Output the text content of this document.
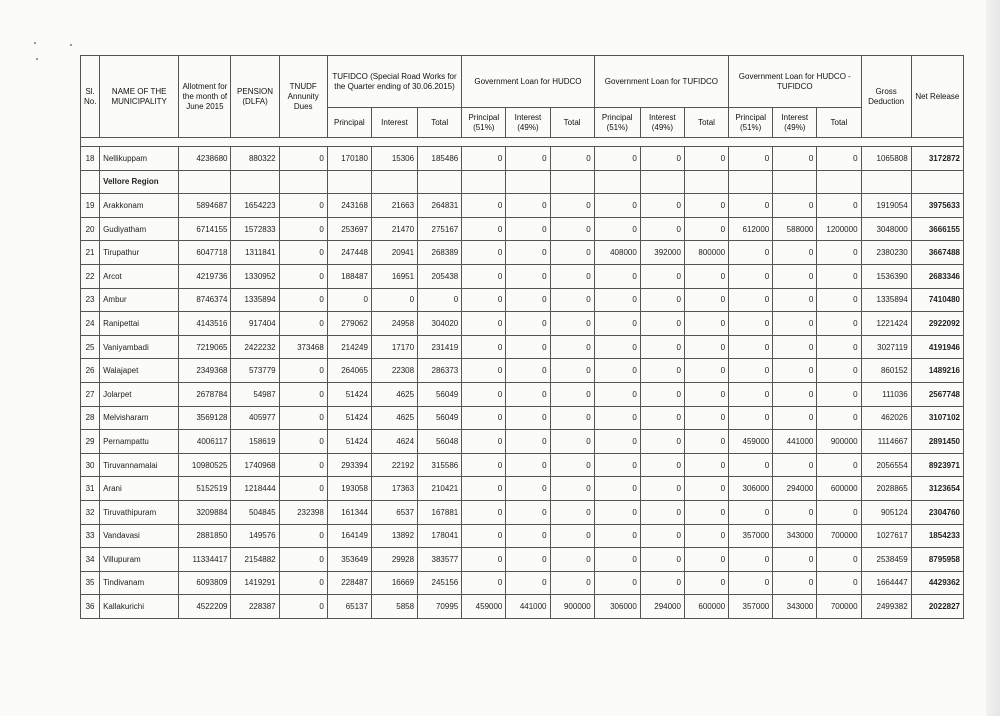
Sl. No.	NAME OF THE MUNICIPALITY	Allotment for the month of June 2015	PENSION (DLFA)	TNUDF Annunity Dues	TUFIDCO (Special Road Works for the Quarter ending of 30.06.2015)			Government Loan for HUDCO			Government Loan for TUFIDCO			Government Loan for HUDCO - TUFIDCO			Gross Deduction	Net Release
					Principal	Interest	Total	Principal (51%)	Interest (49%)	Total	Principal (51%)	Interest (49%)	Total	Principal (51%)	Interest (49%)	Total		

18	Nellikuppam	4238680	880322	0	170180	15306	185486	0	0	0	0	0	0	0	0	0	1065808	3172872
	Vellore Region																	
19	Arakkonam	5894687	1654223	0	243168	21663	264831	0	0	0	0	0	0	0	0	0	1919054	3975633
20	Gudiyatham	6714155	1572833	0	253697	21470	275167	0	0	0	0	0	0	612000	588000	1200000	3048000	3666155
21	Tirupathur	6047718	1311841	0	247448	20941	268389	0	0	0	408000	392000	800000	0	0	0	2380230	3667488
22	Arcot	4219736	1330952	0	188487	16951	205438	0	0	0	0	0	0	0	0	0	1536390	2683346
23	Ambur	8746374	1335894	0	0	0	0	0	0	0	0	0	0	0	0	0	1335894	7410480
24	Ranipettai	4143516	917404	0	279062	24958	304020	0	0	0	0	0	0	0	0	0	1221424	2922092
25	Vaniyambadi	7219065	2422232	373468	214249	17170	231419	0	0	0	0	0	0	0	0	0	3027119	4191946
26	Walajapet	2349368	573779	0	264065	22308	286373	0	0	0	0	0	0	0	0	0	860152	1489216
27	Jolarpet	2678784	54987	0	51424	4625	56049	0	0	0	0	0	0	0	0	0	111036	2567748
28	Melvisharam	3569128	405977	0	51424	4625	56049	0	0	0	0	0	0	0	0	0	462026	3107102
29	Pernampattu	4006117	158619	0	51424	4624	56048	0	0	0	0	0	0	459000	441000	900000	1114667	2891450
30	Tiruvannamalai	10980525	1740968	0	293394	22192	315586	0	0	0	0	0	0	0	0	0	2056554	8923971
31	Arani	5152519	1218444	0	193058	17363	210421	0	0	0	0	0	0	306000	294000	600000	2028865	3123654
32	Tiruvathipuram	3209884	504845	232398	161344	6537	167881	0	0	0	0	0	0	0	0	0	905124	2304760
33	Vandavasi	2881850	149576	0	164149	13892	178041	0	0	0	0	0	0	357000	343000	700000	1027617	1854233
34	Villupuram	11334417	2154882	0	353649	29928	383577	0	0	0	0	0	0	0	0	0	2538459	8795958
35	Tindivanam	6093809	1419291	0	228487	16669	245156	0	0	0	0	0	0	0	0	0	1664447	4429362
36	Kallakurichi	4522209	228387	0	65137	5858	70995	459000	441000	900000	306000	294000	600000	357000	343000	700000	2499382	2022827
